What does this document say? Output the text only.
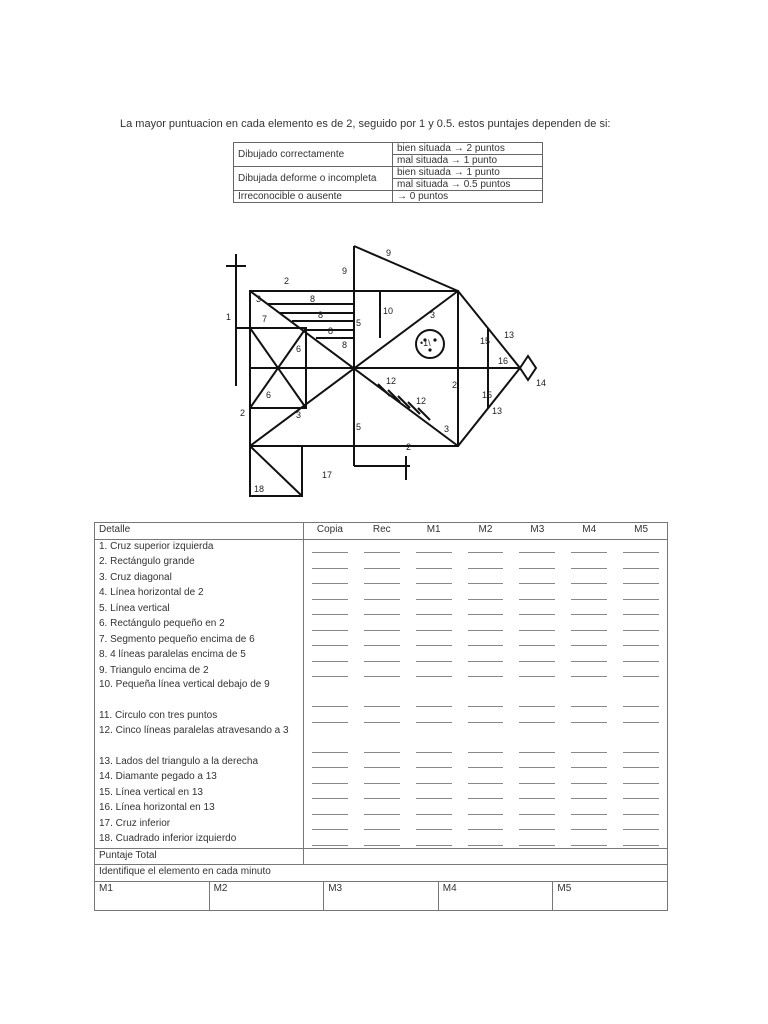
La mayor puntuacion en cada elemento es de 2, seguido por 1 y 0.5. estos puntajes dependen de si:
Dibujado correctamente	bien situada → 2 puntos
	mal situada → 1 punto
Dibujada deforme o incompleta	bien situada → 1 punto
	mal situada → 0.5 puntos
Irreconocible o ausente	→ 0 puntos
1
2
2
2
2
3
3
3
3
5
5
6
6
7
8
8
8
8
9
9
10
•1\
12
12
13
13
14
15
15
16
17
18
Detalle	Copia	Rec	M1	M2	M3	M4	M5
1. Cruz superior izquierda
2. Rectángulo grande
3. Cruz diagonal
4. Línea horizontal de 2
5. Línea vertical
6. Rectángulo pequeño en 2
7. Segmento pequeño encima de 6
8. 4 líneas paralelas encima de 5
9. Triangulo encima de 2
10. Pequeña línea vertical debajo de 9
11. Circulo con tres puntos
12. Cinco líneas paralelas atravesando a 3
13. Lados del triangulo a la derecha
14. Diamante pegado a 13
15. Línea vertical en 13
16. Línea horizontal en 13
17. Cruz inferior
18. Cuadrado inferior izquierdo
Puntaje Total
Identifique el elemento en cada minuto
M1	M2	M3	M4	M5
